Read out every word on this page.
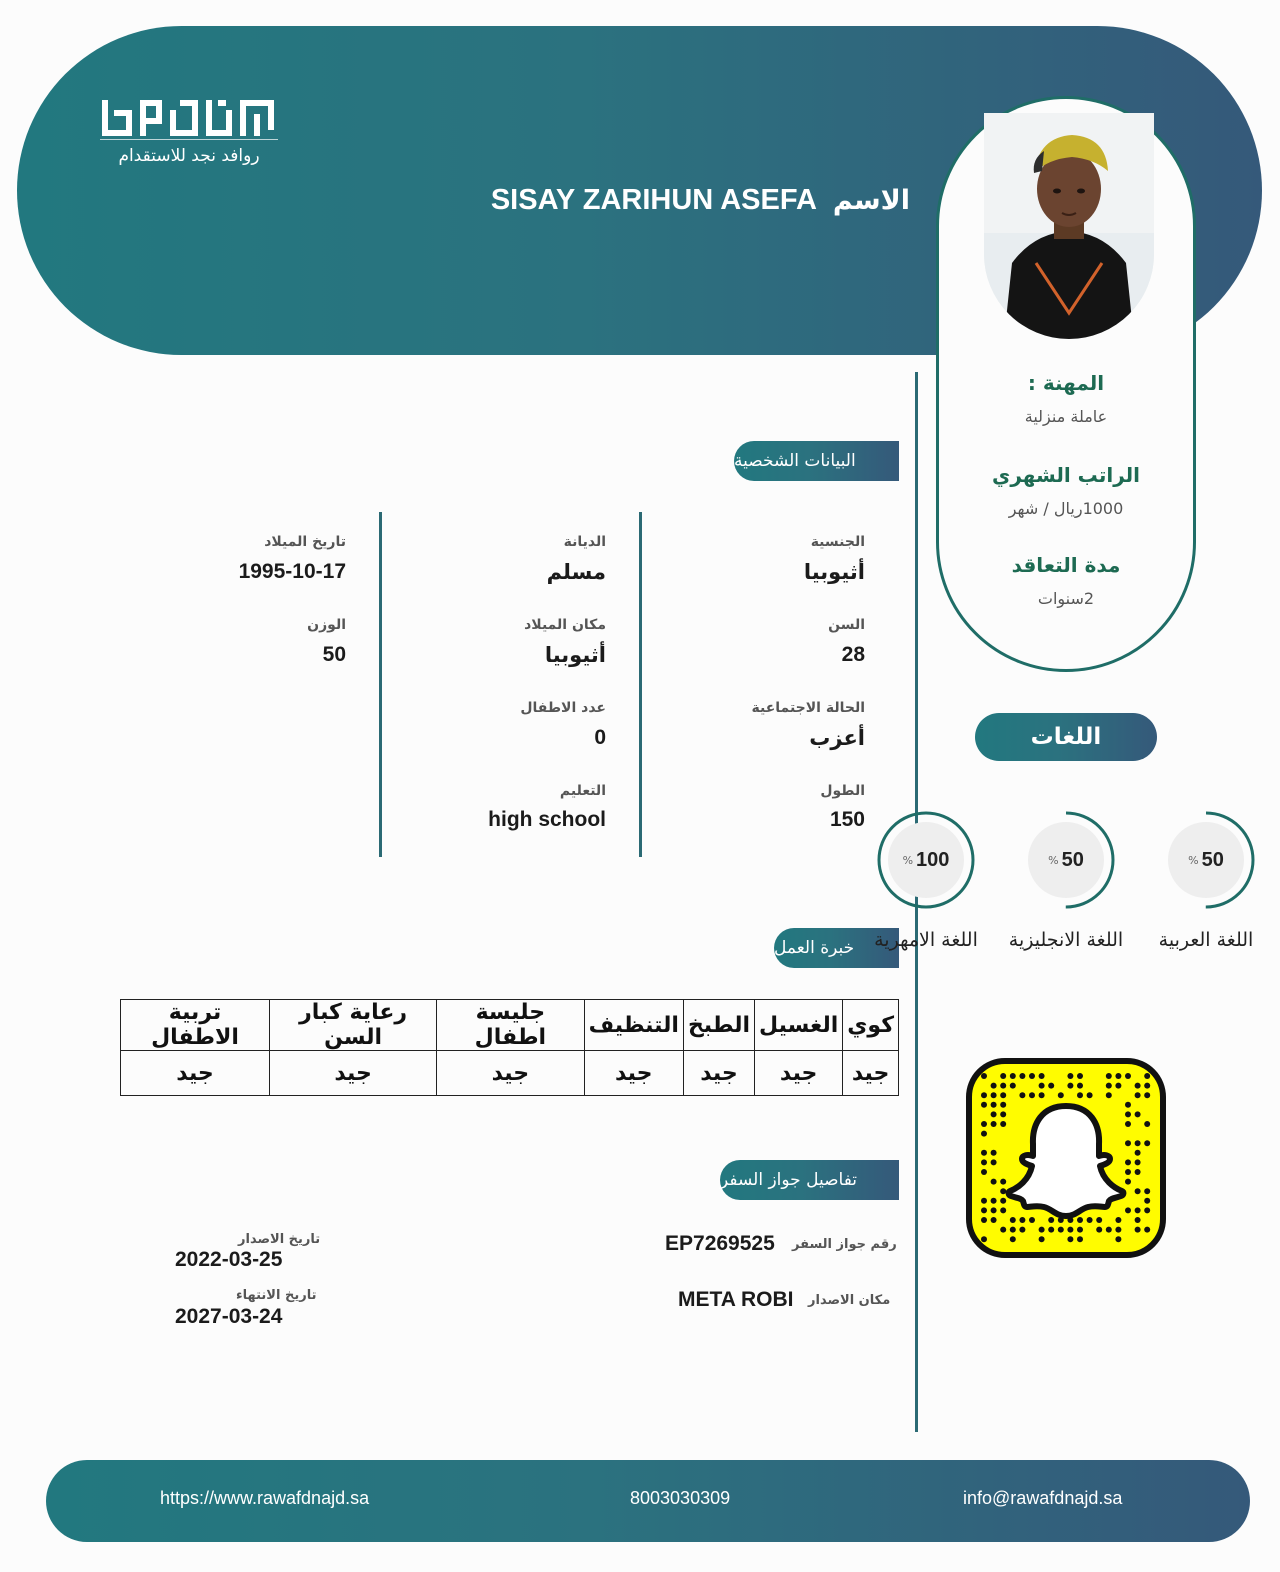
روافد نجد للاستقدام
SISAY ZARIHUN ASEFA الاسم
المهنة :
عاملة منزلية
الراتب الشهري
1000ريال / شهر
مدة التعاقد
2سنوات
البيانات الشخصية
الجنسية
أثيوبيا
السن
28
الحالة الاجتماعية
أعزب
الطول
150
الديانة
مسلم
مكان الميلاد
أثيوبيا
عدد الاطفال
0
التعليم
high school
تاريخ الميلاد
1995-10-17
الوزن
50
اللغات
% 50
اللغة العربية
% 50
اللغة الانجليزية
% 100
خبرة العمل	اللغة الامهرية
كوي	الغسيل	الطبخ	التنظيف	جليسة اطفال	رعاية كبار السن	تربية الاطفال
جيد	جيد	جيد	جيد	جيد	جيد	جيد
تفاصيل جواز السفر
رقم جواز السفر
EP7269525
مكان الاصدار
META ROBI
تاريخ الاصدار
2022-03-25
تاريخ الانتهاء
2027-03-24
https://www.rawafdnajd.sa	8003030309	info@rawafdnajd.sa
